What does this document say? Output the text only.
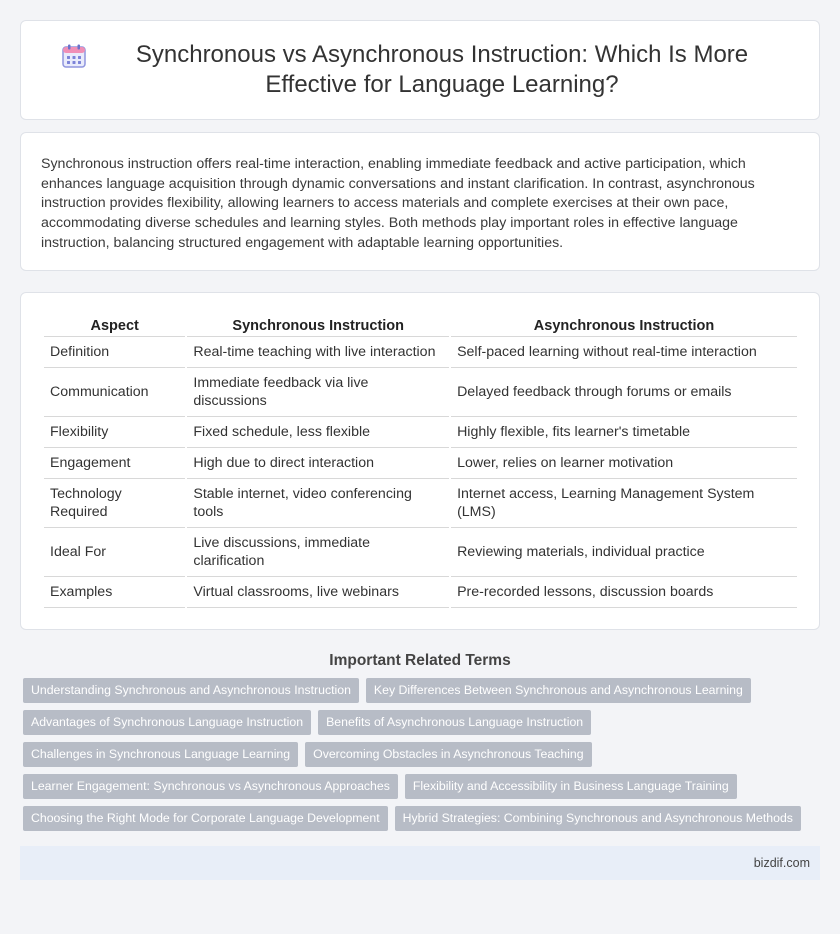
Synchronous vs Asynchronous Instruction: Which Is More Effective for Language Learning?

Synchronous instruction offers real-time interaction, enabling immediate feedback and active participation, which enhances language acquisition through dynamic conversations and instant clarification. In contrast, asynchronous instruction provides flexibility, allowing learners to access materials and complete exercises at their own pace, accommodating diverse schedules and learning styles. Both methods play important roles in effective language instruction, balancing structured engagement with adaptable learning opportunities.

Aspect	Synchronous Instruction	Asynchronous Instruction
Definition	Real-time teaching with live interaction	Self-paced learning without real-time interaction
Communication	Immediate feedback via live discussions	Delayed feedback through forums or emails
Flexibility	Fixed schedule, less flexible	Highly flexible, fits learner's timetable
Engagement	High due to direct interaction	Lower, relies on learner motivation
Technology Required	Stable internet, video conferencing tools	Internet access, Learning Management System (LMS)
Ideal For	Live discussions, immediate clarification	Reviewing materials, individual practice
Examples	Virtual classrooms, live webinars	Pre-recorded lessons, discussion boards
Important Related Terms
Understanding Synchronous and Asynchronous Instruction	Key Differences Between Synchronous and Asynchronous Learning
Advantages of Synchronous Language Instruction	Benefits of Asynchronous Language Instruction
Challenges in Synchronous Language Learning	Overcoming Obstacles in Asynchronous Teaching
Learner Engagement: Synchronous vs Asynchronous Approaches	Flexibility and Accessibility in Business Language Training
Choosing the Right Mode for Corporate Language Development	Hybrid Strategies: Combining Synchronous and Asynchronous Methods
bizdif.com
